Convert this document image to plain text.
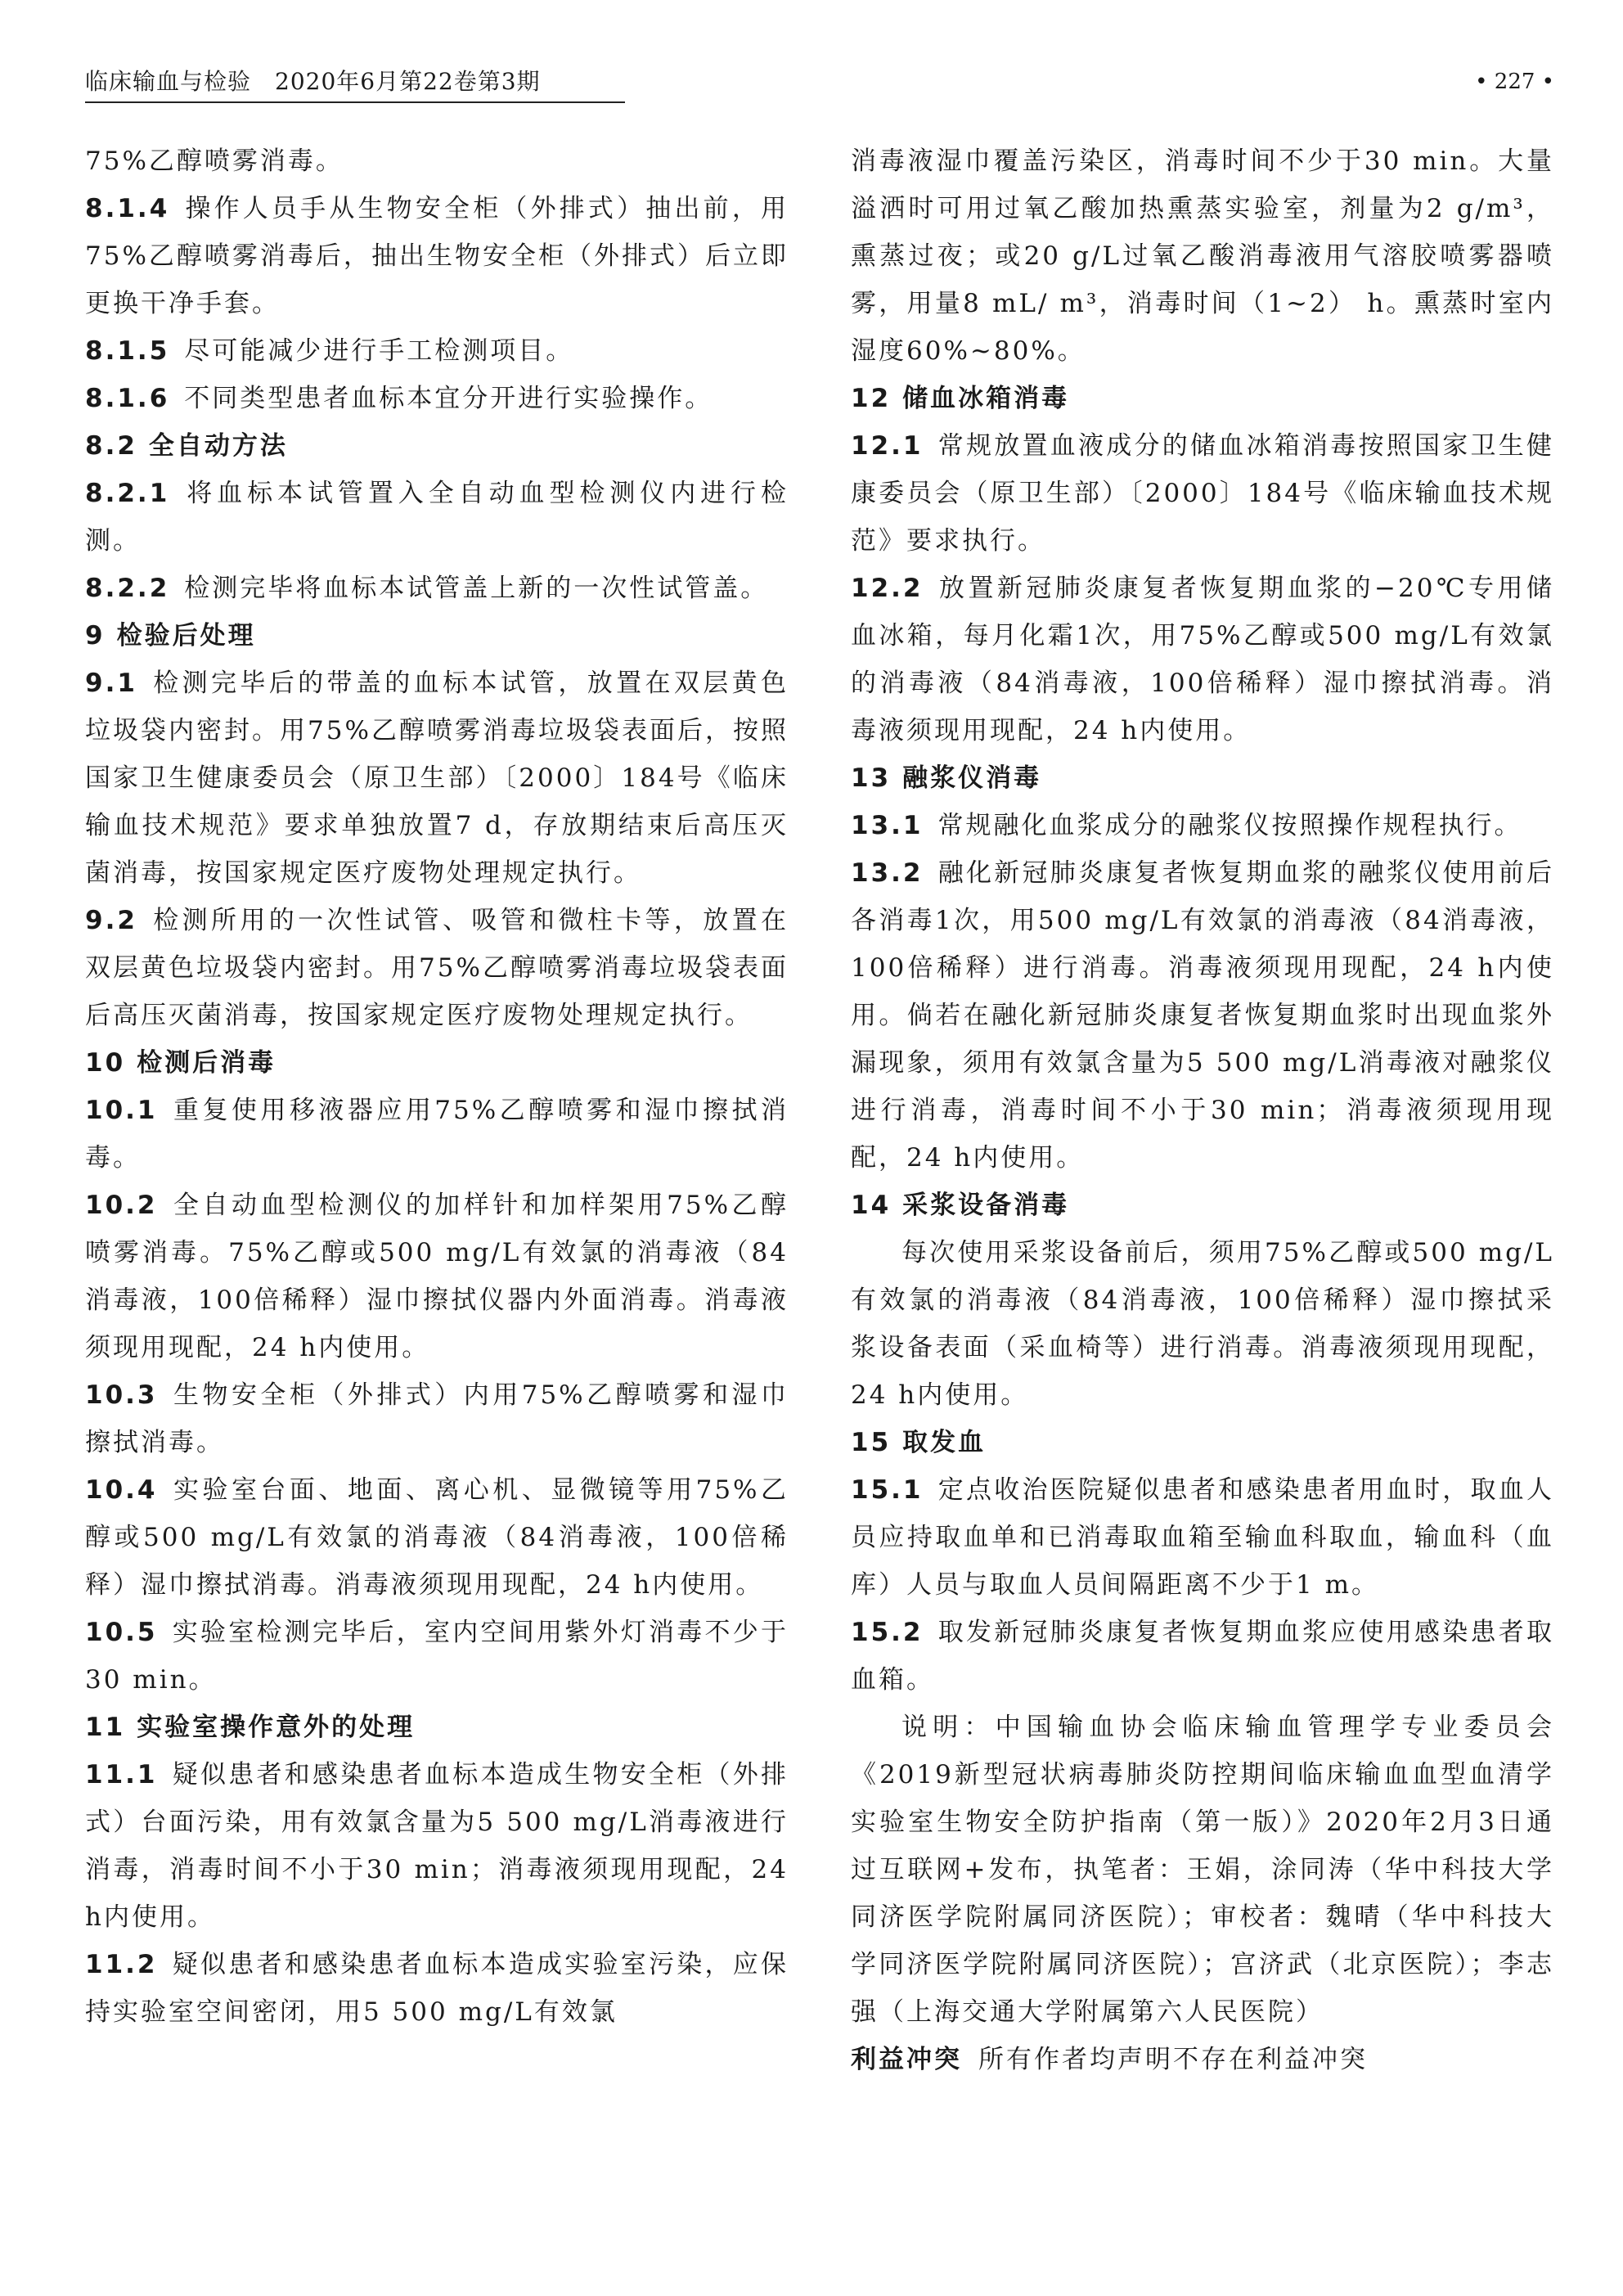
临床输血与检验　2020年6月第22卷第3期	• 227 •
75%乙醇喷雾消毒。
8.1.4 操作人员手从生物安全柜（外排式）抽出前，用75%乙醇喷雾消毒后，抽出生物安全柜（外排式）后立即更换干净手套。
8.1.5 尽可能减少进行手工检测项目。
8.1.6 不同类型患者血标本宜分开进行实验操作。
8.2 全自动方法
8.2.1 将血标本试管置入全自动血型检测仪内进行检测。
8.2.2 检测完毕将血标本试管盖上新的一次性试管盖。
9 检验后处理
9.1 检测完毕后的带盖的血标本试管，放置在双层黄色垃圾袋内密封。用75%乙醇喷雾消毒垃圾袋表面后，按照国家卫生健康委员会（原卫生部）〔2000〕184号《临床输血技术规范》要求单独放置7 d，存放期结束后高压灭菌消毒，按国家规定医疗废物处理规定执行。
9.2 检测所用的一次性试管、吸管和微柱卡等，放置在双层黄色垃圾袋内密封。用75%乙醇喷雾消毒垃圾袋表面后高压灭菌消毒，按国家规定医疗废物处理规定执行。
10 检测后消毒
10.1 重复使用移液器应用75%乙醇喷雾和湿巾擦拭消毒。
10.2 全自动血型检测仪的加样针和加样架用75%乙醇喷雾消毒。75%乙醇或500 mg/L有效氯的消毒液（84消毒液，100倍稀释）湿巾擦拭仪器内外面消毒。消毒液须现用现配，24 h内使用。
10.3 生物安全柜（外排式）内用75%乙醇喷雾和湿巾擦拭消毒。
10.4 实验室台面、地面、离心机、显微镜等用75%乙醇或500 mg/L有效氯的消毒液（84消毒液，100倍稀释）湿巾擦拭消毒。消毒液须现用现配，24 h内使用。
10.5 实验室检测完毕后，室内空间用紫外灯消毒不少于30 min。
11 实验室操作意外的处理
11.1 疑似患者和感染患者血标本造成生物安全柜（外排式）台面污染，用有效氯含量为5 500 mg/L消毒液进行消毒，消毒时间不小于30 min；消毒液须现用现配，24 h内使用。
11.2 疑似患者和感染患者血标本造成实验室污染，应保持实验室空间密闭，用5 500 mg/L有效氯
消毒液湿巾覆盖污染区，消毒时间不少于30 min。大量溢洒时可用过氧乙酸加热熏蒸实验室，剂量为2 g/m³，熏蒸过夜；或20 g/L过氧乙酸消毒液用气溶胶喷雾器喷雾，用量8 mL/ m³，消毒时间（1~2） h。熏蒸时室内湿度60%~80%。
12 储血冰箱消毒
12.1 常规放置血液成分的储血冰箱消毒按照国家卫生健康委员会（原卫生部）〔2000〕184号《临床输血技术规范》要求执行。
12.2 放置新冠肺炎康复者恢复期血浆的−20℃专用储血冰箱，每月化霜1次，用75%乙醇或500 mg/L有效氯的消毒液（84消毒液，100倍稀释）湿巾擦拭消毒。消毒液须现用现配，24 h内使用。
13 融浆仪消毒
13.1 常规融化血浆成分的融浆仪按照操作规程执行。
13.2 融化新冠肺炎康复者恢复期血浆的融浆仪使用前后各消毒1次，用500 mg/L有效氯的消毒液（84消毒液，100倍稀释）进行消毒。消毒液须现用现配，24 h内使用。倘若在融化新冠肺炎康复者恢复期血浆时出现血浆外漏现象，须用有效氯含量为5 500 mg/L消毒液对融浆仪进行消毒，消毒时间不小于30 min；消毒液须现用现配，24 h内使用。
14 采浆设备消毒
每次使用采浆设备前后，须用75%乙醇或500 mg/L有效氯的消毒液（84消毒液，100倍稀释）湿巾擦拭采浆设备表面（采血椅等）进行消毒。消毒液须现用现配，24 h内使用。
15 取发血
15.1 定点收治医院疑似患者和感染患者用血时，取血人员应持取血单和已消毒取血箱至输血科取血，输血科（血库）人员与取血人员间隔距离不少于1 m。
15.2 取发新冠肺炎康复者恢复期血浆应使用感染患者取血箱。
说明：中国输血协会临床输血管理学专业委员会《2019新型冠状病毒肺炎防控期间临床输血血型血清学实验室生物安全防护指南（第一版）》2020年2月3日通过互联网+发布，执笔者：王娟，涂同涛（华中科技大学同济医学院附属同济医院）；审校者：魏晴（华中科技大学同济医学院附属同济医院）；宫济武（北京医院）；李志强（上海交通大学附属第六人民医院）
利益冲突 所有作者均声明不存在利益冲突
